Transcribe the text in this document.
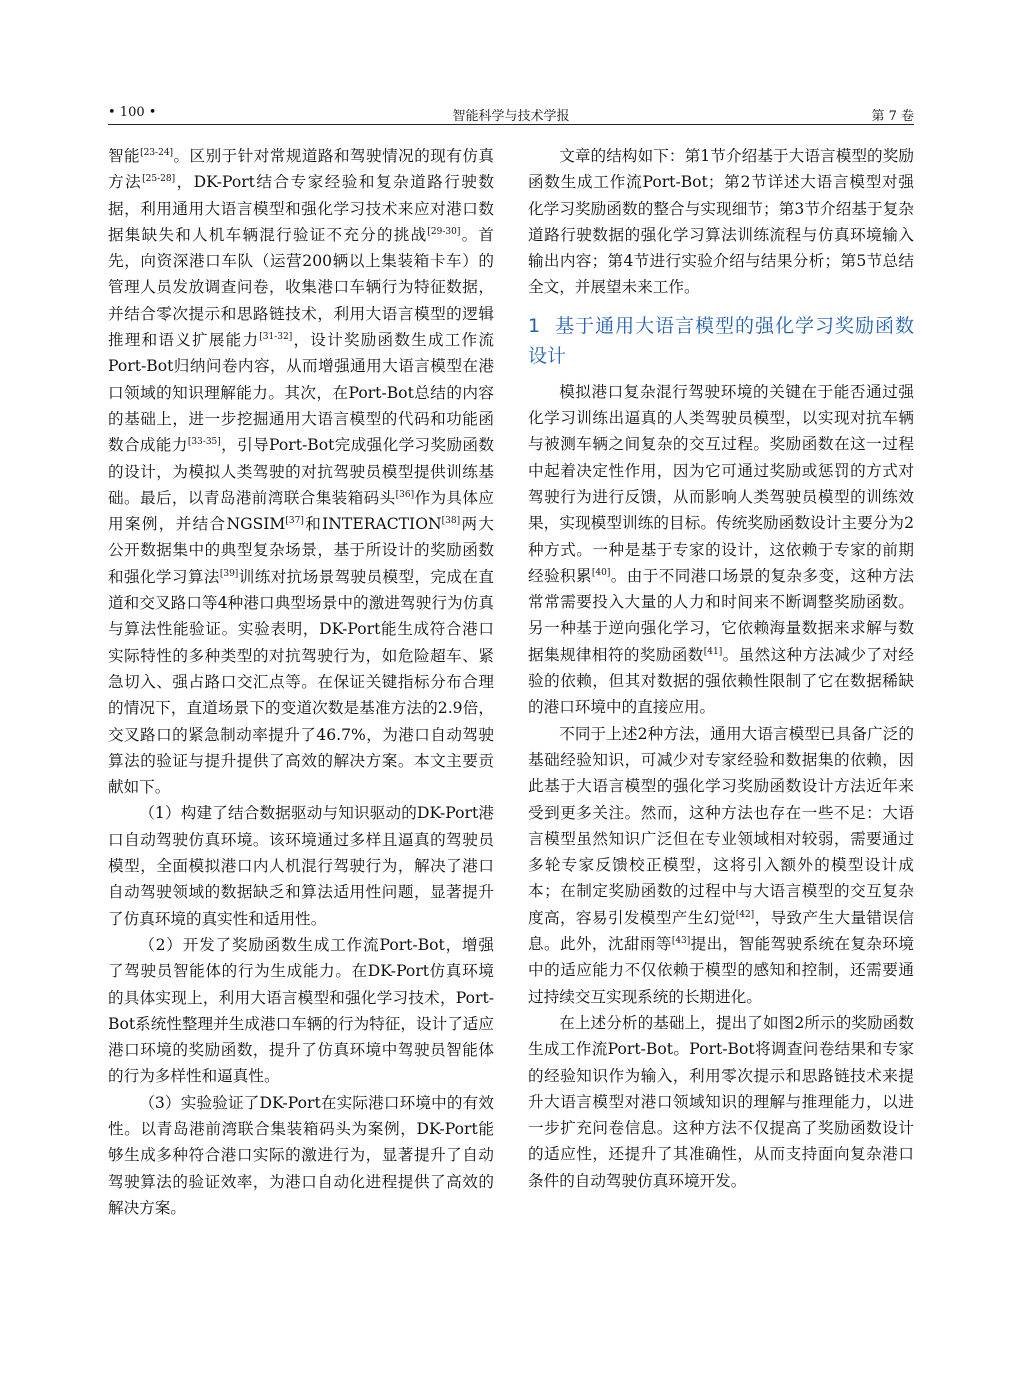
• 100 •	智能科学与技术学报	第 7 卷

智能[23-24]。区别于针对常规道路和驾驶情况的现有仿真方法[25-28]，DK-Port结合专家经验和复杂道路行驶数据，利用通用大语言模型和强化学习技术来应对港口数据集缺失和人机车辆混行验证不充分的挑战[29-30]。首先，向资深港口车队（运营200辆以上集装箱卡车）的管理人员发放调查问卷，收集港口车辆行为特征数据，并结合零次提示和思路链技术，利用大语言模型的逻辑推理和语义扩展能力[31-32]，设计奖励函数生成工作流Port-Bot归纳问卷内容，从而增强通用大语言模型在港口领域的知识理解能力。其次，在Port-Bot总结的内容的基础上，进一步挖掘通用大语言模型的代码和功能函数合成能力[33-35]，引导Port-Bot完成强化学习奖励函数的设计，为模拟人类驾驶的对抗驾驶员模型提供训练基础。最后，以青岛港前湾联合集装箱码头[36]作为具体应用案例，并结合NGSIM[37]和INTERACTION[38]两大公开数据集中的典型复杂场景，基于所设计的奖励函数和强化学习算法[39]训练对抗场景驾驶员模型，完成在直道和交叉路口等4种港口典型场景中的激进驾驶行为仿真与算法性能验证。实验表明，DK-Port能生成符合港口实际特性的多种类型的对抗驾驶行为，如危险超车、紧急切入、强占路口交汇点等。在保证关键指标分布合理的情况下，直道场景下的变道次数是基准方法的2.9倍，交叉路口的紧急制动率提升了46.7%，为港口自动驾驶算法的验证与提升提供了高效的解决方案。本文主要贡献如下。

（1）构建了结合数据驱动与知识驱动的DK-Port港口自动驾驶仿真环境。该环境通过多样且逼真的驾驶员模型，全面模拟港口内人机混行驾驶行为，解决了港口自动驾驶领域的数据缺乏和算法适用性问题，显著提升了仿真环境的真实性和适用性。

（2）开发了奖励函数生成工作流Port-Bot，增强了驾驶员智能体的行为生成能力。在DK-Port仿真环境的具体实现上，利用大语言模型和强化学习技术，Port-Bot系统性整理并生成港口车辆的行为特征，设计了适应港口环境的奖励函数，提升了仿真环境中驾驶员智能体的行为多样性和逼真性。

（3）实验验证了DK-Port在实际港口环境中的有效性。以青岛港前湾联合集装箱码头为案例，DK-Port能够生成多种符合港口实际的激进行为，显著提升了自动驾驶算法的验证效率，为港口自动化进程提供了高效的解决方案。

文章的结构如下：第1节介绍基于大语言模型的奖励函数生成工作流Port-Bot；第2节详述大语言模型对强化学习奖励函数的整合与实现细节；第3节介绍基于复杂道路行驶数据的强化学习算法训练流程与仿真环境输入输出内容；第4节进行实验介绍与结果分析；第5节总结全文，并展望未来工作。

1 基于通用大语言模型的强化学习奖励函数设计

模拟港口复杂混行驾驶环境的关键在于能否通过强化学习训练出逼真的人类驾驶员模型，以实现对抗车辆与被测车辆之间复杂的交互过程。奖励函数在这一过程中起着决定性作用，因为它可通过奖励或惩罚的方式对驾驶行为进行反馈，从而影响人类驾驶员模型的训练效果，实现模型训练的目标。传统奖励函数设计主要分为2种方式。一种是基于专家的设计，这依赖于专家的前期经验积累[40]。由于不同港口场景的复杂多变，这种方法常常需要投入大量的人力和时间来不断调整奖励函数。另一种基于逆向强化学习，它依赖海量数据来求解与数据集规律相符的奖励函数[41]。虽然这种方法减少了对经验的依赖，但其对数据的强依赖性限制了它在数据稀缺的港口环境中的直接应用。

不同于上述2种方法，通用大语言模型已具备广泛的基础经验知识，可减少对专家经验和数据集的依赖，因此基于大语言模型的强化学习奖励函数设计方法近年来受到更多关注。然而，这种方法也存在一些不足：大语言模型虽然知识广泛但在专业领域相对较弱，需要通过多轮专家反馈校正模型，这将引入额外的模型设计成本；在制定奖励函数的过程中与大语言模型的交互复杂度高，容易引发模型产生幻觉[42]，导致产生大量错误信息。此外，沈甜雨等[43]提出，智能驾驶系统在复杂环境中的适应能力不仅依赖于模型的感知和控制，还需要通过持续交互实现系统的长期进化。

在上述分析的基础上，提出了如图2所示的奖励函数生成工作流Port-Bot。Port-Bot将调查问卷结果和专家的经验知识作为输入，利用零次提示和思路链技术来提升大语言模型对港口领域知识的理解与推理能力，以进一步扩充问卷信息。这种方法不仅提高了奖励函数设计的适应性，还提升了其准确性，从而支持面向复杂港口条件的自动驾驶仿真环境开发。
